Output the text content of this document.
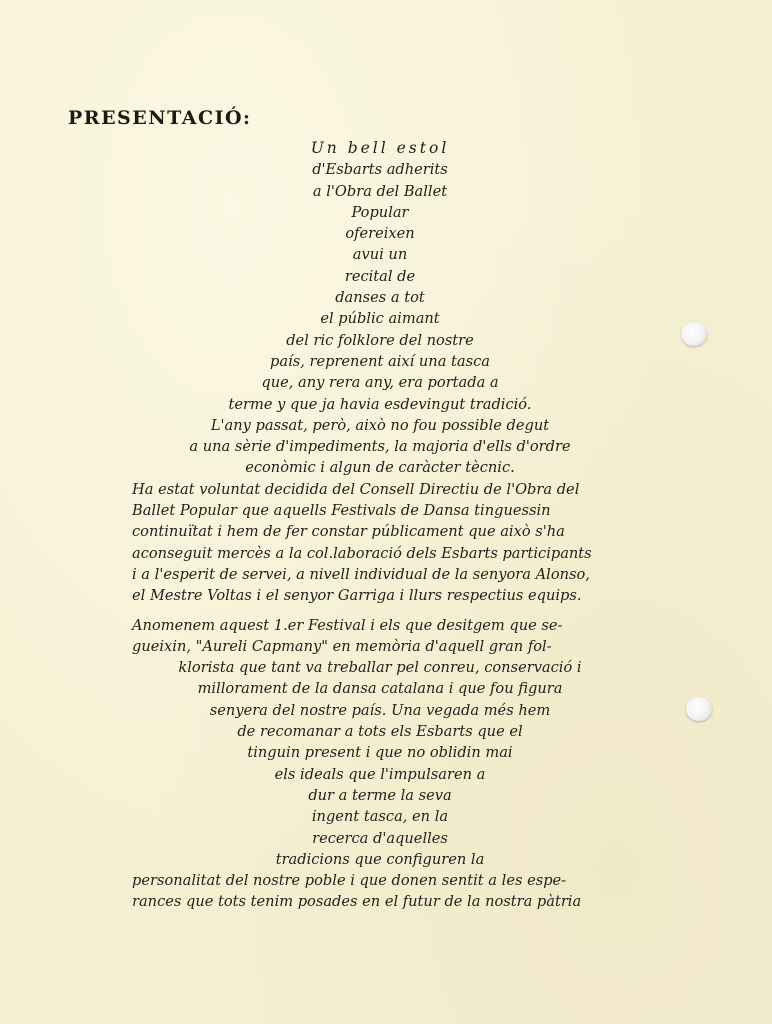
PRESENTACIÓ:
Un bell estol
d'Esbarts adherits
a l'Obra del Ballet
Popular
ofereixen
avui un
recital de
danses a tot
el públic aimant
del ric folklore del nostre
país, reprenent així una tasca
que, any rera any, era portada a
terme y que ja havia esdevingut tradició.
L'any passat, però, això no fou possible degut
a una sèrie d'impediments, la majoria d'ells d'ordre
econòmic i algun de caràcter tècnic.
Ha estat voluntat decidida del Consell Directiu de l'Obra del
Ballet Popular que aquells Festivals de Dansa tinguessin
continuïtat i hem de fer constar públicament que això s'ha
aconseguit mercès a la col.laboració dels Esbarts participants
i a l'esperit de servei, a nivell individual de la senyora Alonso,
el Mestre Voltas i el senyor Garriga i llurs respectius equips.
Anomenem aquest 1.er Festival i els que desitgem que se-
gueixin, "Aureli Capmany" en memòria d'aquell gran fol-
klorista que tant va treballar pel conreu, conservació i
millorament de la dansa catalana i que fou figura
senyera del nostre país. Una vegada més hem
de recomanar a tots els Esbarts que el
tinguin present i que no oblidin mai
els ideals que l'impulsaren a
dur a terme la seva
ingent tasca, en la
recerca d'aquelles
tradicions que configuren la
personalitat del nostre poble i que donen sentit a les espe-
rances que tots tenim posades en el futur de la nostra pàtria
